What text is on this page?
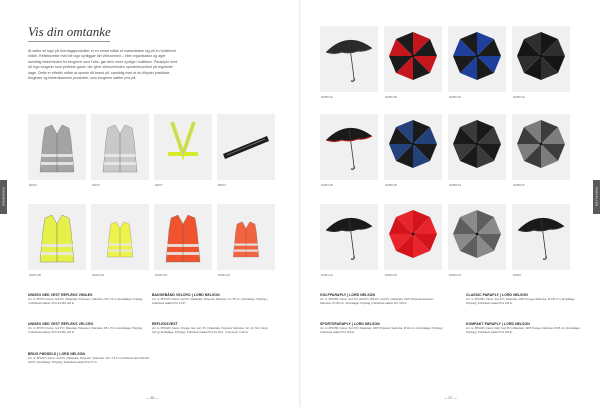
SIKKERHED
Vis din omtanke
At sætte sit logo på hverdagsprodukter er en smart måde at markedsføre sig på en funktionel måde. Refleksveste med dit logo synliggør din virksomhed – eller organisation og øger samtidig sikkerheden for brugerne som f.eks. gør dem mere synlige i trafikken. Paraplyer med dit logo fungerer som perfekte gaver, der giver virksomheden opmærksomhed på regnfulde dage. Dette er effektiv måde at sprede dit brand på, samtidig med at du tilbyder praktiske, brugbare og betænksomme produkter, som brugerne sætter pris på.
#2070	#2070	#3077	#8073
#1021-05	#1024-02	#1022-05	#1024-04
UNISEX NED VEST REFLEKS VINILES
Art. nr. #P070 | Farve: Grå PU | Materiale: Polyester | Størrelse: 68 x 70 cm Emballage: Polybag | Individuelt pakket | Pris fra Rbt 124 kr.
BADGEBÅND VELCRO | LORD NELSON
Art. nr. #P7076 | Farve: Gul PU | Materiale: Polyester Størrelse: 9 x 35 cm | Emballage: Polybag | Individuelt pakket Pris 14,97
UNISEX NED VEST REFLEKS VELCRO
Art. nr. #P073 | Farve: Gul PU | Materiale: Polyester | Størrelse: 68 x 70 cm Emballage: Polybag | Individuelt pakket | Pris fra Rbt 123 kr.
REFLEKSVEST
Art. nr. #P1024 | Farve: Orange, Gul, sort, PU | Materiale: Polyester Størrelse: 3xl, 4xl, 5xl | Vægt: 110 g | Emballage: Polybag | Individuelt pakket Pris fra 18 kr. | Farvetryk: 4 farver
BRUG FØDSELS | LORD NELSON
Art. nr. #P1027 | Farve: Gul PU | Materiale: Polyester | Størrelse: 18 x 7,5 cm Certificeret efter EN ISO 20471 | Emballage: Polybag | Individuelt pakket Pris 27 kr.
— 86 —
PARAPLYER
#1055-01	#1056-05	#1056-03	#1056-01
#1054-05	#1058-05	#1058-04	#1058-07
#1021-01	#1026-05	#1026-04	#1026
GOLFPARAPLY | LORD NELSON
Art. nr. #P1055 | Farve: Sort PU, Rød PU, Blå PU, Grå PU | Materiale: 190T Polyester/polyester Størrelse: Ø 130 cm | Emballage: Polybag | Individuelt pakket Pris 139 kr.
CLASSIC PARAPLY | LORD NELSON
Art. nr. #P1056 | Farve: Sort PU | Materiale: 190T Pongee Størrelse: Ø 105 cm | Emballage: Polybag | Individuelt pakket Pris 189 kr.
SPORTSPARAPLY | LORD NELSON
Art. nr. #P1058 | Farve: Sort PU | Materiale: 190T Polyester Størrelse: Ø 112 cm | Emballage: Polybag | Individuelt pakket Pris 229 kr.
KOMPAKT PARAPLY | LORD NELSON
Art. nr. #P1026 | Farve: Rød, Sort PU | Materiale: 190T Pongee Størrelse: Ø 95 cm | Emballage: Polybag | Individuelt pakket Pris 109 kr.
— 87 —
